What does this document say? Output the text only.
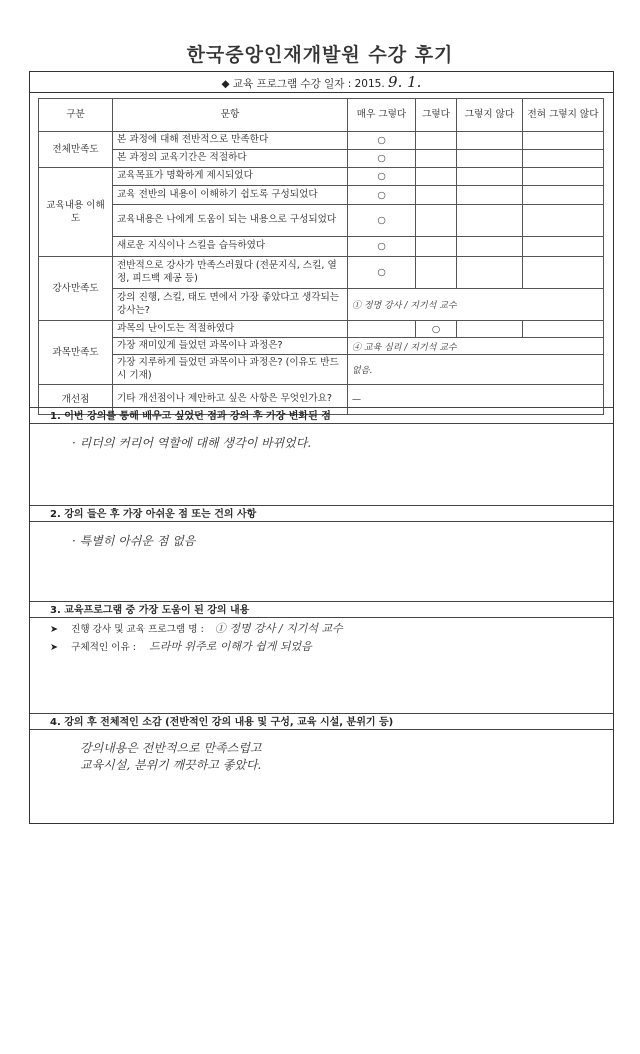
한국중앙인재개발원 수강 후기
◆ 교육 프로그램 수강 일자 : 2015. 9. 1.
구분	문항	매우 그렇다	그렇다	그렇지 않다	전혀 그렇지 않다
전체만족도	본 과정에 대해 전반적으로 만족한다	○			
	본 과정의 교육기간은 적절하다	○			
교육내용 이해도	교육목표가 명확하게 제시되었다	○			
	교육 전반의 내용이 이해하기 쉽도록 구성되었다	○			
	교육내용은 나에게 도움이 되는 내용으로 구성되었다	○			
	새로운 지식이나 스킬을 습득하였다	○			
강사만족도	전반적으로 강사가 만족스러웠다 (전문지식, 스킬, 열정, 피드백 제공 등)	○			
	강의 진행, 스킬, 태도 면에서 가장 좋았다고 생각되는 강사는?	① 정명 강사 / 지기석 교수			
과목만족도	과목의 난이도는 적절하였다		○		
	가장 재미있게 들었던 과목이나 과정은?	④ 교육 심리 / 지기석 교수			
	가장 지루하게 들었던 과목이나 과정은? (이유도 반드시 기재)	없음.			
개선점	기타 개선점이나 제안하고 싶은 사항은 무엇인가요?	—			
1. 이번 강의를 통해 배우고 싶었던 점과 강의 후 가장 변화된 점
· 리더의 커리어 역할에 대해 생각이 바뀌었다.
2. 강의 들은 후 가장 아쉬운 점 또는 건의 사항
· 특별히 아쉬운 점 없음
3. 교육프로그램 중 가장 도움이 된 강의 내용
➤ 진행 강사 및 교육 프로그램 명 : ① 정명 강사 / 지기석 교수
➤ 구체적인 이유 : 드라마 위주로 이해가 쉽게 되었음
4. 강의 후 전체적인 소감 (전반적인 강의 내용 및 구성, 교육 시설, 분위기 등)
강의내용은 전반적으로 만족스럽고
교육시설, 분위기 깨끗하고 좋았다.
